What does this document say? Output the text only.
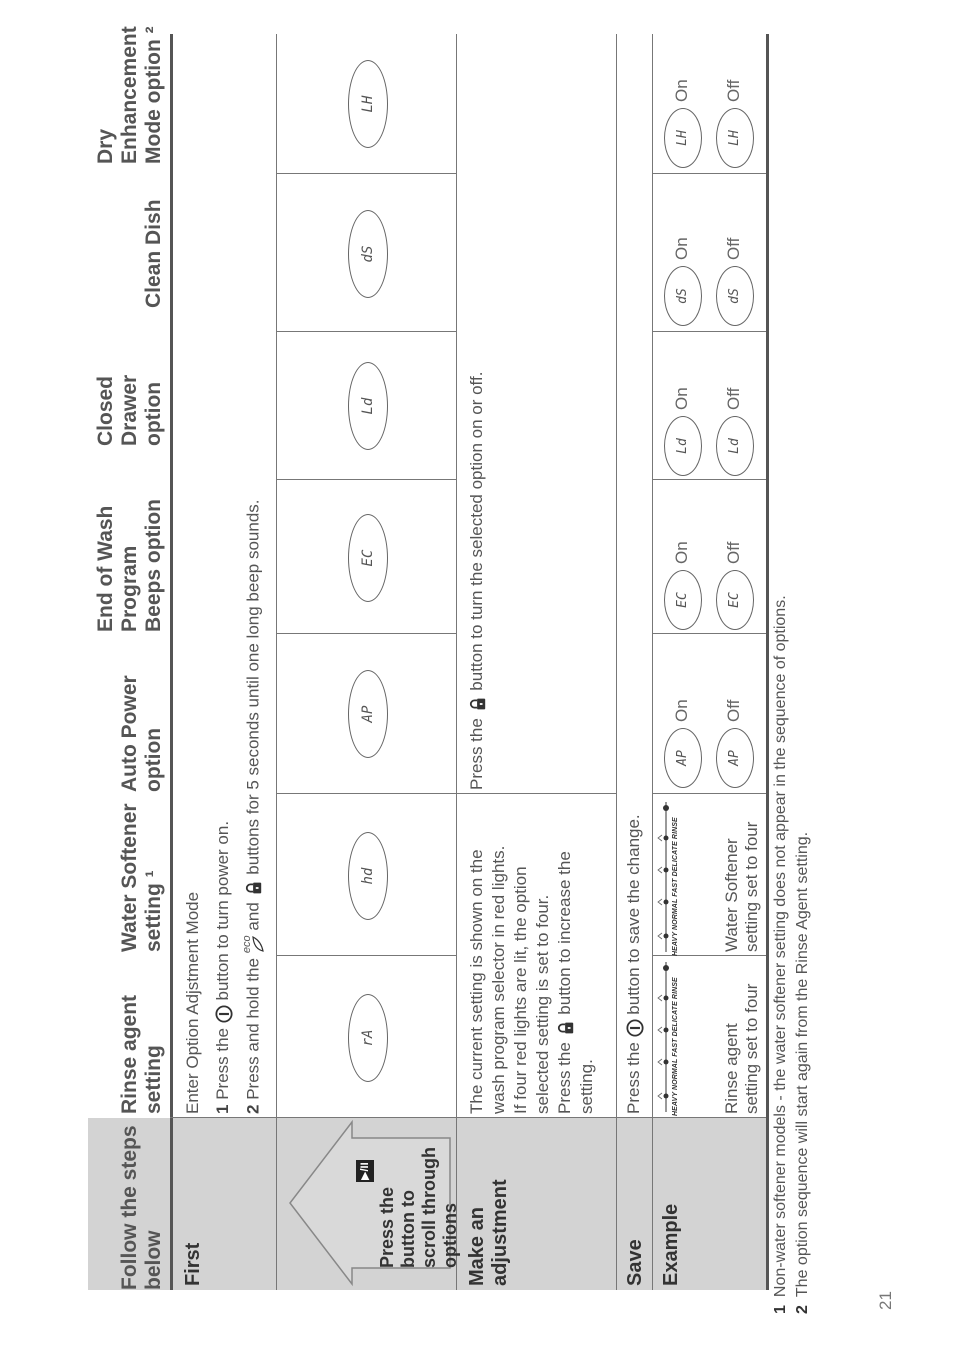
Follow the steps
below
Rinse agent
setting
Water Softener
setting ¹
Auto Power
option
End of Wash
Program
Beeps option
Closed
Drawer
option
Clean Dish
Dry
Enhancement
Mode option ²
First	Make an
adjustment	Save Example

Press the
button to
scroll through
options

▶/II
Enter Option Adjstment Mode 1 Press the  button to turn power on.
2 Press and hold the eco
and  buttons for 5 seconds until one long beep sounds.
rA
hd
AP
EC
Ld
dS
LH
The current setting is shown on the wash program selector in red lights. If four red lights are lit, the option selected setting is set to four. Press the  button to increase the
setting.
Press the  button to turn the selected option on or off.
Press the  button to save the change.
HEAVY NORMAL FAST DELICATE RINSE
HEAVY NORMAL FAST DELICATE RINSE
Rinse agent
setting set to four
Water Softener
setting set to four
AP
On
AP
Off
EC
On
EC
Off
Ld
On
Ld
Off
dS
On
dS
Off
LH
On
LH
Off
1Non-water softener models - the water softener setting does not appear in the sequence of options.
2The option sequence will start again from the Rinse Agent setting.
21
